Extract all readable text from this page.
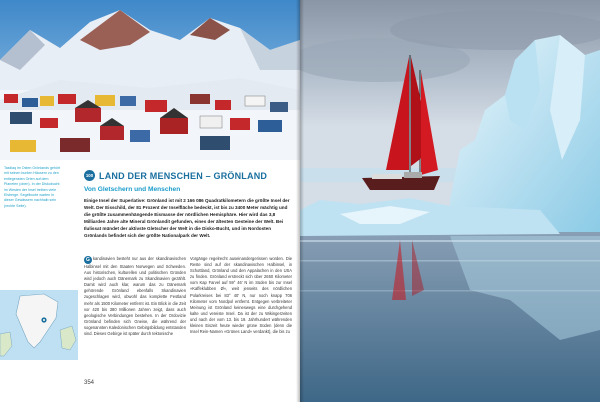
Tasiilaq im Osten Grönlands gehört mit seinen bunten Häusern zu den entlegensten Orten auf dem Planeten (oben). In der Diskobucht im Westen der Insel treiben viele Eisberge. Segelboote warten in dieser Gewässern nachhalb sein (rechte Seite).
100 LAND DER MENSCHEN – GRÖNLAND
Von Gletschern und Menschen
Einige Insel der Superlative: Grönland ist mit 2 166 086 Quadratkilometern die größte Insel der Welt. Der Eisschild, der 81 Prozent der Inselfläche bedeckt, ist bis zu 3400 Meter mächtig und die größte zusammenhängende Eismasse der nördlichen Hemisphäre. Hier wird das 3,8 Milliarden Jahre alte Mineral Grönlandit gefunden, eines der ältesten Gesteine der Welt. Bei Ilulissat mündet der aktivste Gletscher der Welt in die Disko-Bucht, und im Nordosten Grönlands befindet sich der größte Nationalpark der Welt.
G kandinavien besteht nur aus der skandinavischen Halbinsel mit den Staaten Norwegen und Schweden. Aus historischen, kulturellen und politischen Gründen wird jedoch auch Dänemark zu Skandinavien gezählt. Damit wird auch klar, warum das zu Dänemark gehörende Grönland ebenfalls Skandinavien zugeschlagen wird, obwohl das komplette Festland mehr als 1500 Kilometer entfernt ist. Ein Blick in die Zeit vor 420 bis 380 Millionen Jahren zeigt, dass auch geologische Verbindungen bestehen. In der Ordovizie Grönland befinden sich Gneise, die während der sogenannten Kaledonischen Gebirgsbildung entstanden sind. Dieses Gebirge ist später durch tektonische
Vorgänge regelrecht auseinandergerissen worden. Die Reste sind auf der skandinavischen Halbinsel, in Schottland, Grönland und den Appalachen in den USA zu finden. Grönland erstreckt sich über 2650 Kilometer vom Kap Farvel auf 59° 46' N im Süden bis zur Insel »Kaffeklubben Ø«, weit jenseits des nördlichen Polarkreises bei 83° 40' N, nur noch knapp 706 Kilometer vom Nordpol entfernt. Entgegen verbreiteter Meinung ist Grönland keineswegs eine durchgehend kalte und vereiste Insel. Da ist der zu Wikingerzeiten und nach der vom 13. bis 19. Jahrhundert währenden kleinen Eiszeit heute wieder grüne Süden (denn die Insel Rein-Namen »Grünes Land« verdankt), die bis zu
354
